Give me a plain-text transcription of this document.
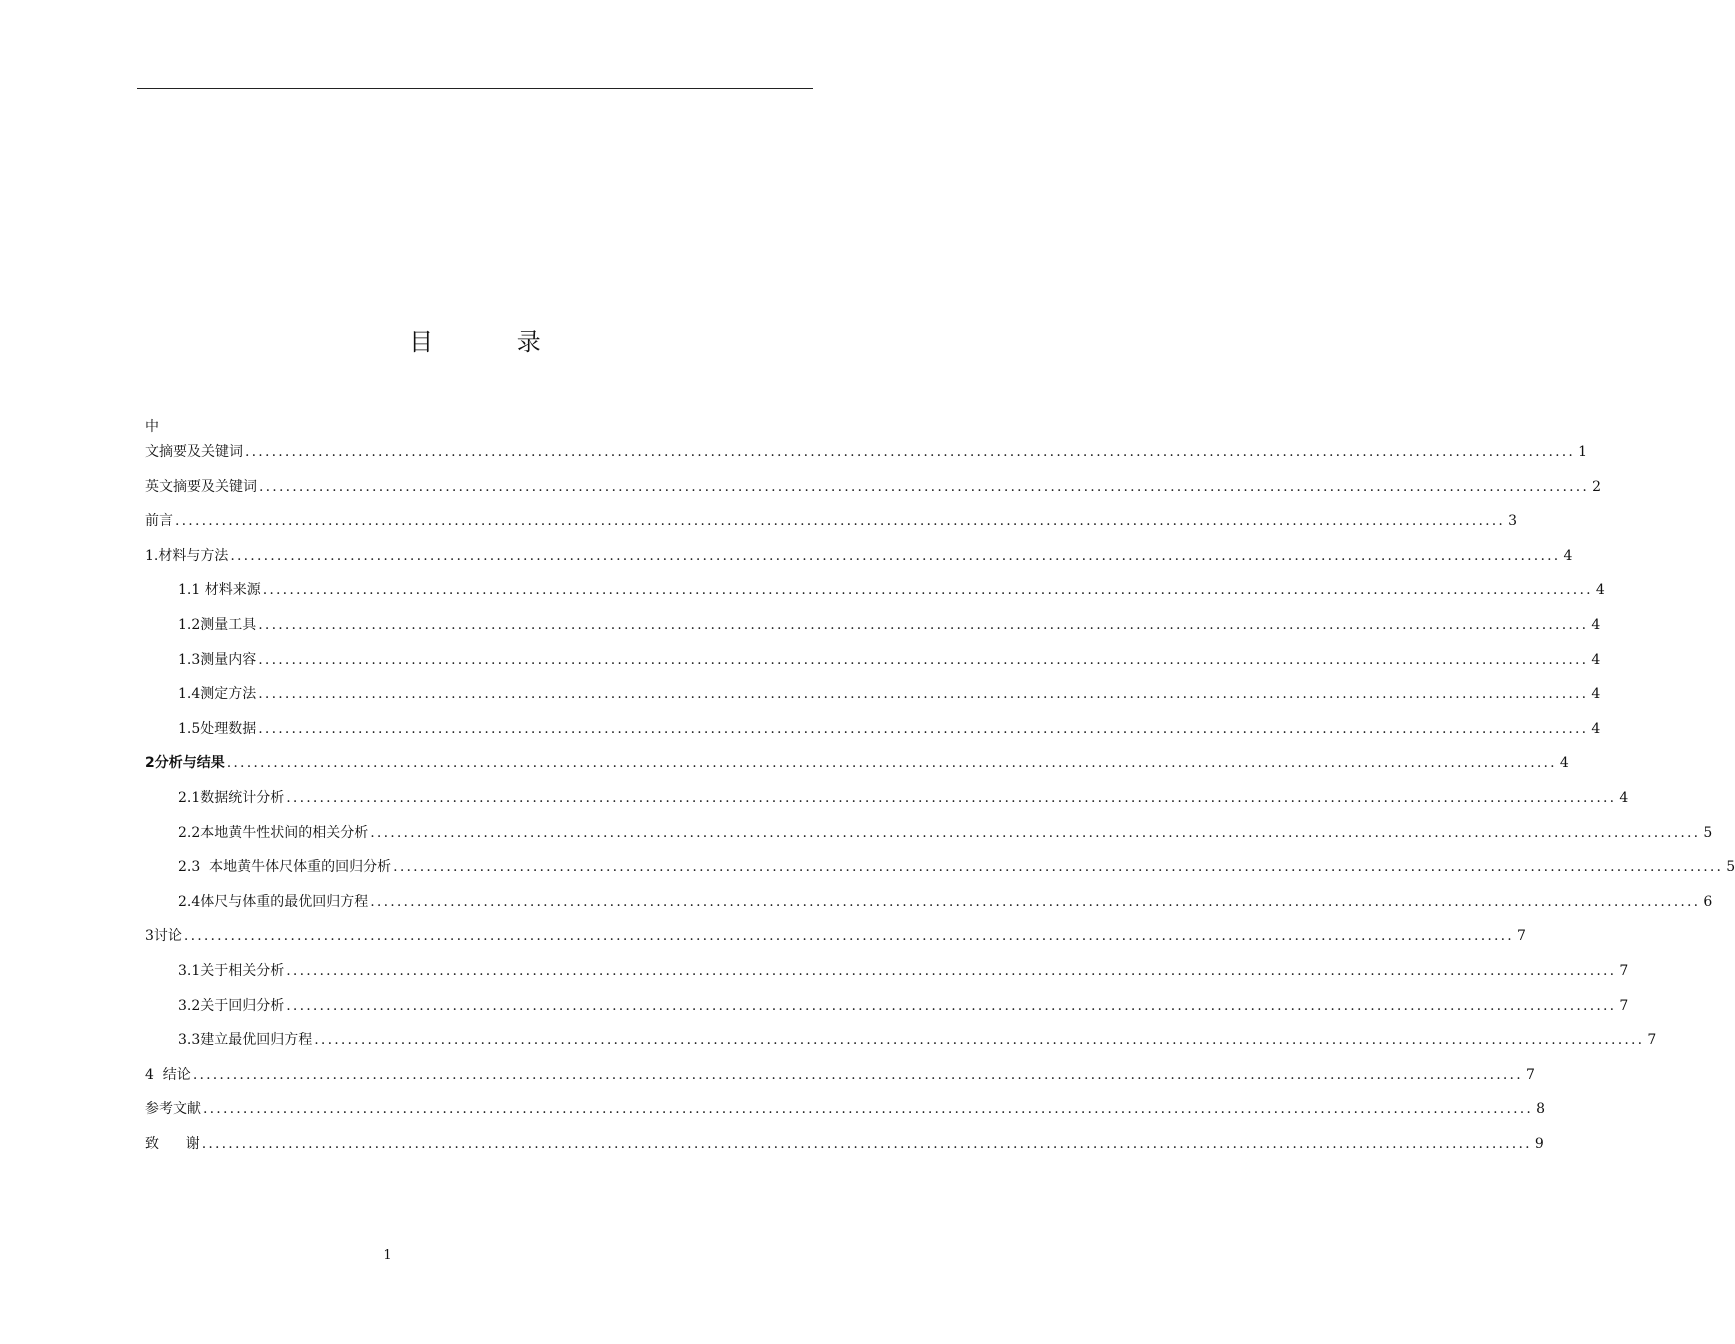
目 录
中
文摘要及关键词 ........................................................................................................................................................................................................ 1
英文摘要及关键词 ........................................................................................................................................................................................................ 2
前言 ........................................................................................................................................................................................................ 3
1.材料与方法 ........................................................................................................................................................................................................ 4
1.1 材料来源 ........................................................................................................................................................................................................ 4
1.2测量工具 ........................................................................................................................................................................................................ 4
1.3测量内容 ........................................................................................................................................................................................................ 4
1.4测定方法 ........................................................................................................................................................................................................ 4
1.5处理数据 ........................................................................................................................................................................................................ 4
2分析与结果 ........................................................................................................................................................................................................ 4
2.1数据统计分析 ........................................................................................................................................................................................................ 4
2.2本地黄牛性状间的相关分析 ........................................................................................................................................................................................................ 5
2.3  本地黄牛体尺体重的回归分析 ........................................................................................................................................................................................................ 5
2.4体尺与体重的最优回归方程 ........................................................................................................................................................................................................ 6
3讨论 ........................................................................................................................................................................................................ 7
3.1关于相关分析 ........................................................................................................................................................................................................ 7
3.2关于回归分析 ........................................................................................................................................................................................................ 7
3.3建立最优回归方程 ........................................................................................................................................................................................................ 7
4  结论 ........................................................................................................................................................................................................ 7
参考文献 ........................................................................................................................................................................................................ 8
致      谢 ........................................................................................................................................................................................................ 9
1
